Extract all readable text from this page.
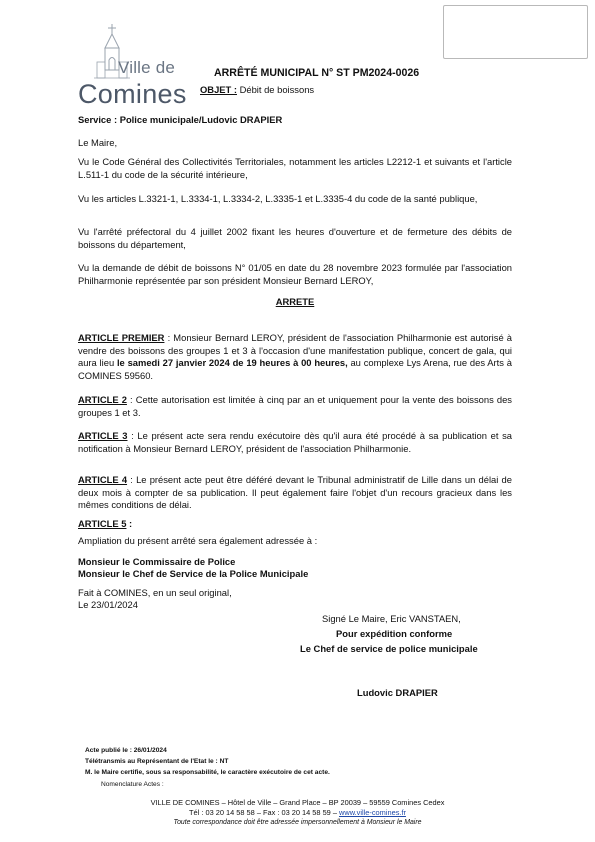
Ville de
Comines
ARRÊTÉ MUNICIPAL N° ST PM2024-0026
OBJET : Débit de boissons
Service : Police municipale/Ludovic DRAPIER
Le Maire,

Vu le Code Général des Collectivités Territoriales, notamment les articles L2212-1 et suivants et l'article L.511-1 du code de la sécurité intérieure,

Vu les articles L.3321-1, L.3334-1, L.3334-2, L.3335-1 et L.3335-4 du code de la santé publique,

Vu l'arrêté préfectoral du 4 juillet 2002 fixant les heures d'ouverture et de fermeture des débits de boissons du département,

Vu la demande de débit de boissons N° 01/05 en date du 28 novembre 2023 formulée par l'association Philharmonie représentée par son président Monsieur Bernard LEROY,

ARRETE

ARTICLE PREMIER : Monsieur Bernard LEROY, président de l'association Philharmonie est autorisé à vendre des boissons des groupes 1 et 3 à l'occasion d'une manifestation publique, concert de gala, qui aura lieu le samedi 27 janvier 2024 de 19 heures à 00 heures, au complexe Lys Arena, rue des Arts à COMINES 59560.

ARTICLE 2 : Cette autorisation est limitée à cinq par an et uniquement pour la vente des boissons des groupes 1 et 3.

ARTICLE 3 : Le présent acte sera rendu exécutoire dès qu'il aura été procédé à sa publication et sa notification à Monsieur Bernard LEROY, président de l'association Philharmonie.

ARTICLE 4 : Le présent acte peut être déféré devant le Tribunal administratif de Lille dans un délai de deux mois à compter de sa publication. Il peut également faire l'objet d'un recours gracieux dans les mêmes conditions de délai.

ARTICLE 5 :

Ampliation du présent arrêté sera également adressée à :
Monsieur le Commissaire de Police
Monsieur le Chef de Service de la Police Municipale
Fait à COMINES, en un seul original,
Le 23/01/2024
Signé Le Maire, Eric VANSTAEN,
Pour expédition conforme
Le Chef de service de police municipale
Ludovic DRAPIER
Acte publié le : 26/01/2024
Télétransmis au Représentant de l'Etat le : NT
M. le Maire certifie, sous sa responsabilité, le caractère exécutoire de cet acte.
Nomenclature Actes :
VILLE DE COMINES – Hôtel de Ville – Grand Place – BP 20039 – 59559 Comines Cedex
Tél : 03 20 14 58 58 – Fax : 03 20 14 58 59 – www.ville-comines.fr
Toute correspondance doit être adressée impersonnellement à Monsieur le Maire
